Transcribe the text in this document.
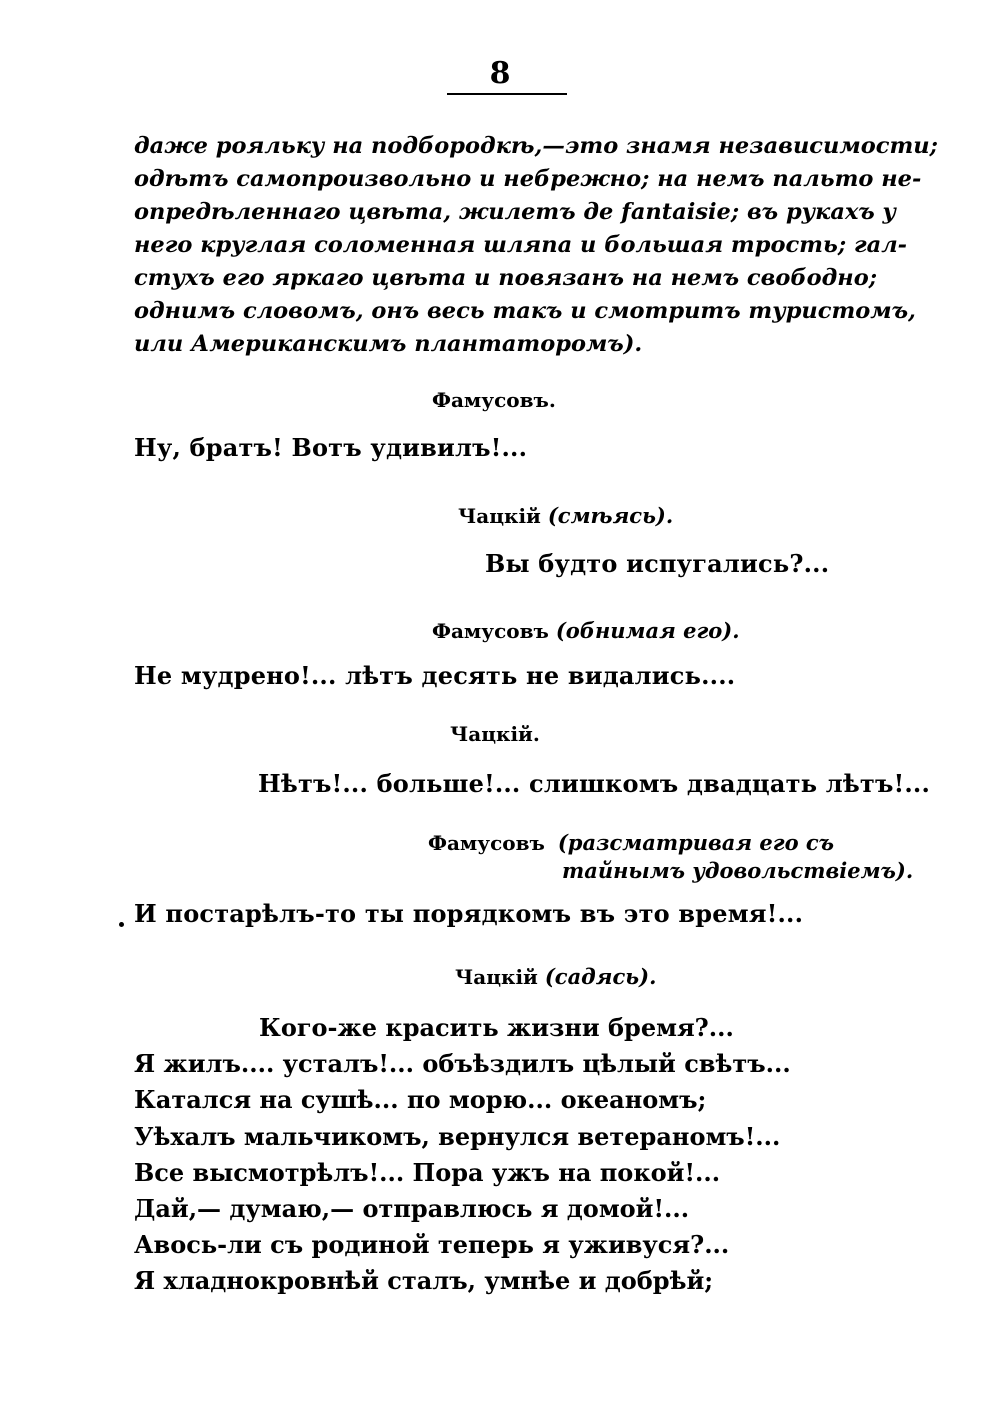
8
даже рояльку на подбородкѣ,—это знамя независимости;
одѣтъ самопроизвольно и небрежно; на немъ пальто не-
опредѣленнаго цвѣта, жилетъ де fantaisie; въ рукахъ у
него круглая соломенная шляпа и большая трость; гал-
стухъ его яркаго цвѣта и повязанъ на немъ свободно;
однимъ словомъ, онъ весь такъ и смотритъ туристомъ,
или Американскимъ плантаторомъ).
Фамусовъ.
Ну, братъ! Вотъ удивилъ!...
Чацкій (смѣясь).
Вы будто испугались?...
Фамусовъ (обнимая его).
Не мудрено!... лѣтъ десять не видались....
Чацкій.
Нѣтъ!... больше!... слишкомъ двадцать лѣтъ!...
Фамусовъ (разсматривая его съ
тайнымъ удовольствіемъ).
И постарѣлъ-то ты порядкомъ въ это время!...
Чацкій (садясь).
Кого-же красить жизни бремя?...
Я жилъ.... усталъ!... объѣздилъ цѣлый свѣтъ...
Катался на сушѣ... по морю... океаномъ;
Уѣхалъ мальчикомъ, вернулся ветераномъ!...
Все высмотрѣлъ!... Пора ужъ на покой!...
Дай,— думаю,— отправлюсь я домой!...
Авось-ли съ родиной теперь я уживуся?...
Я хладнокровнѣй сталъ, умнѣе и добрѣй;
